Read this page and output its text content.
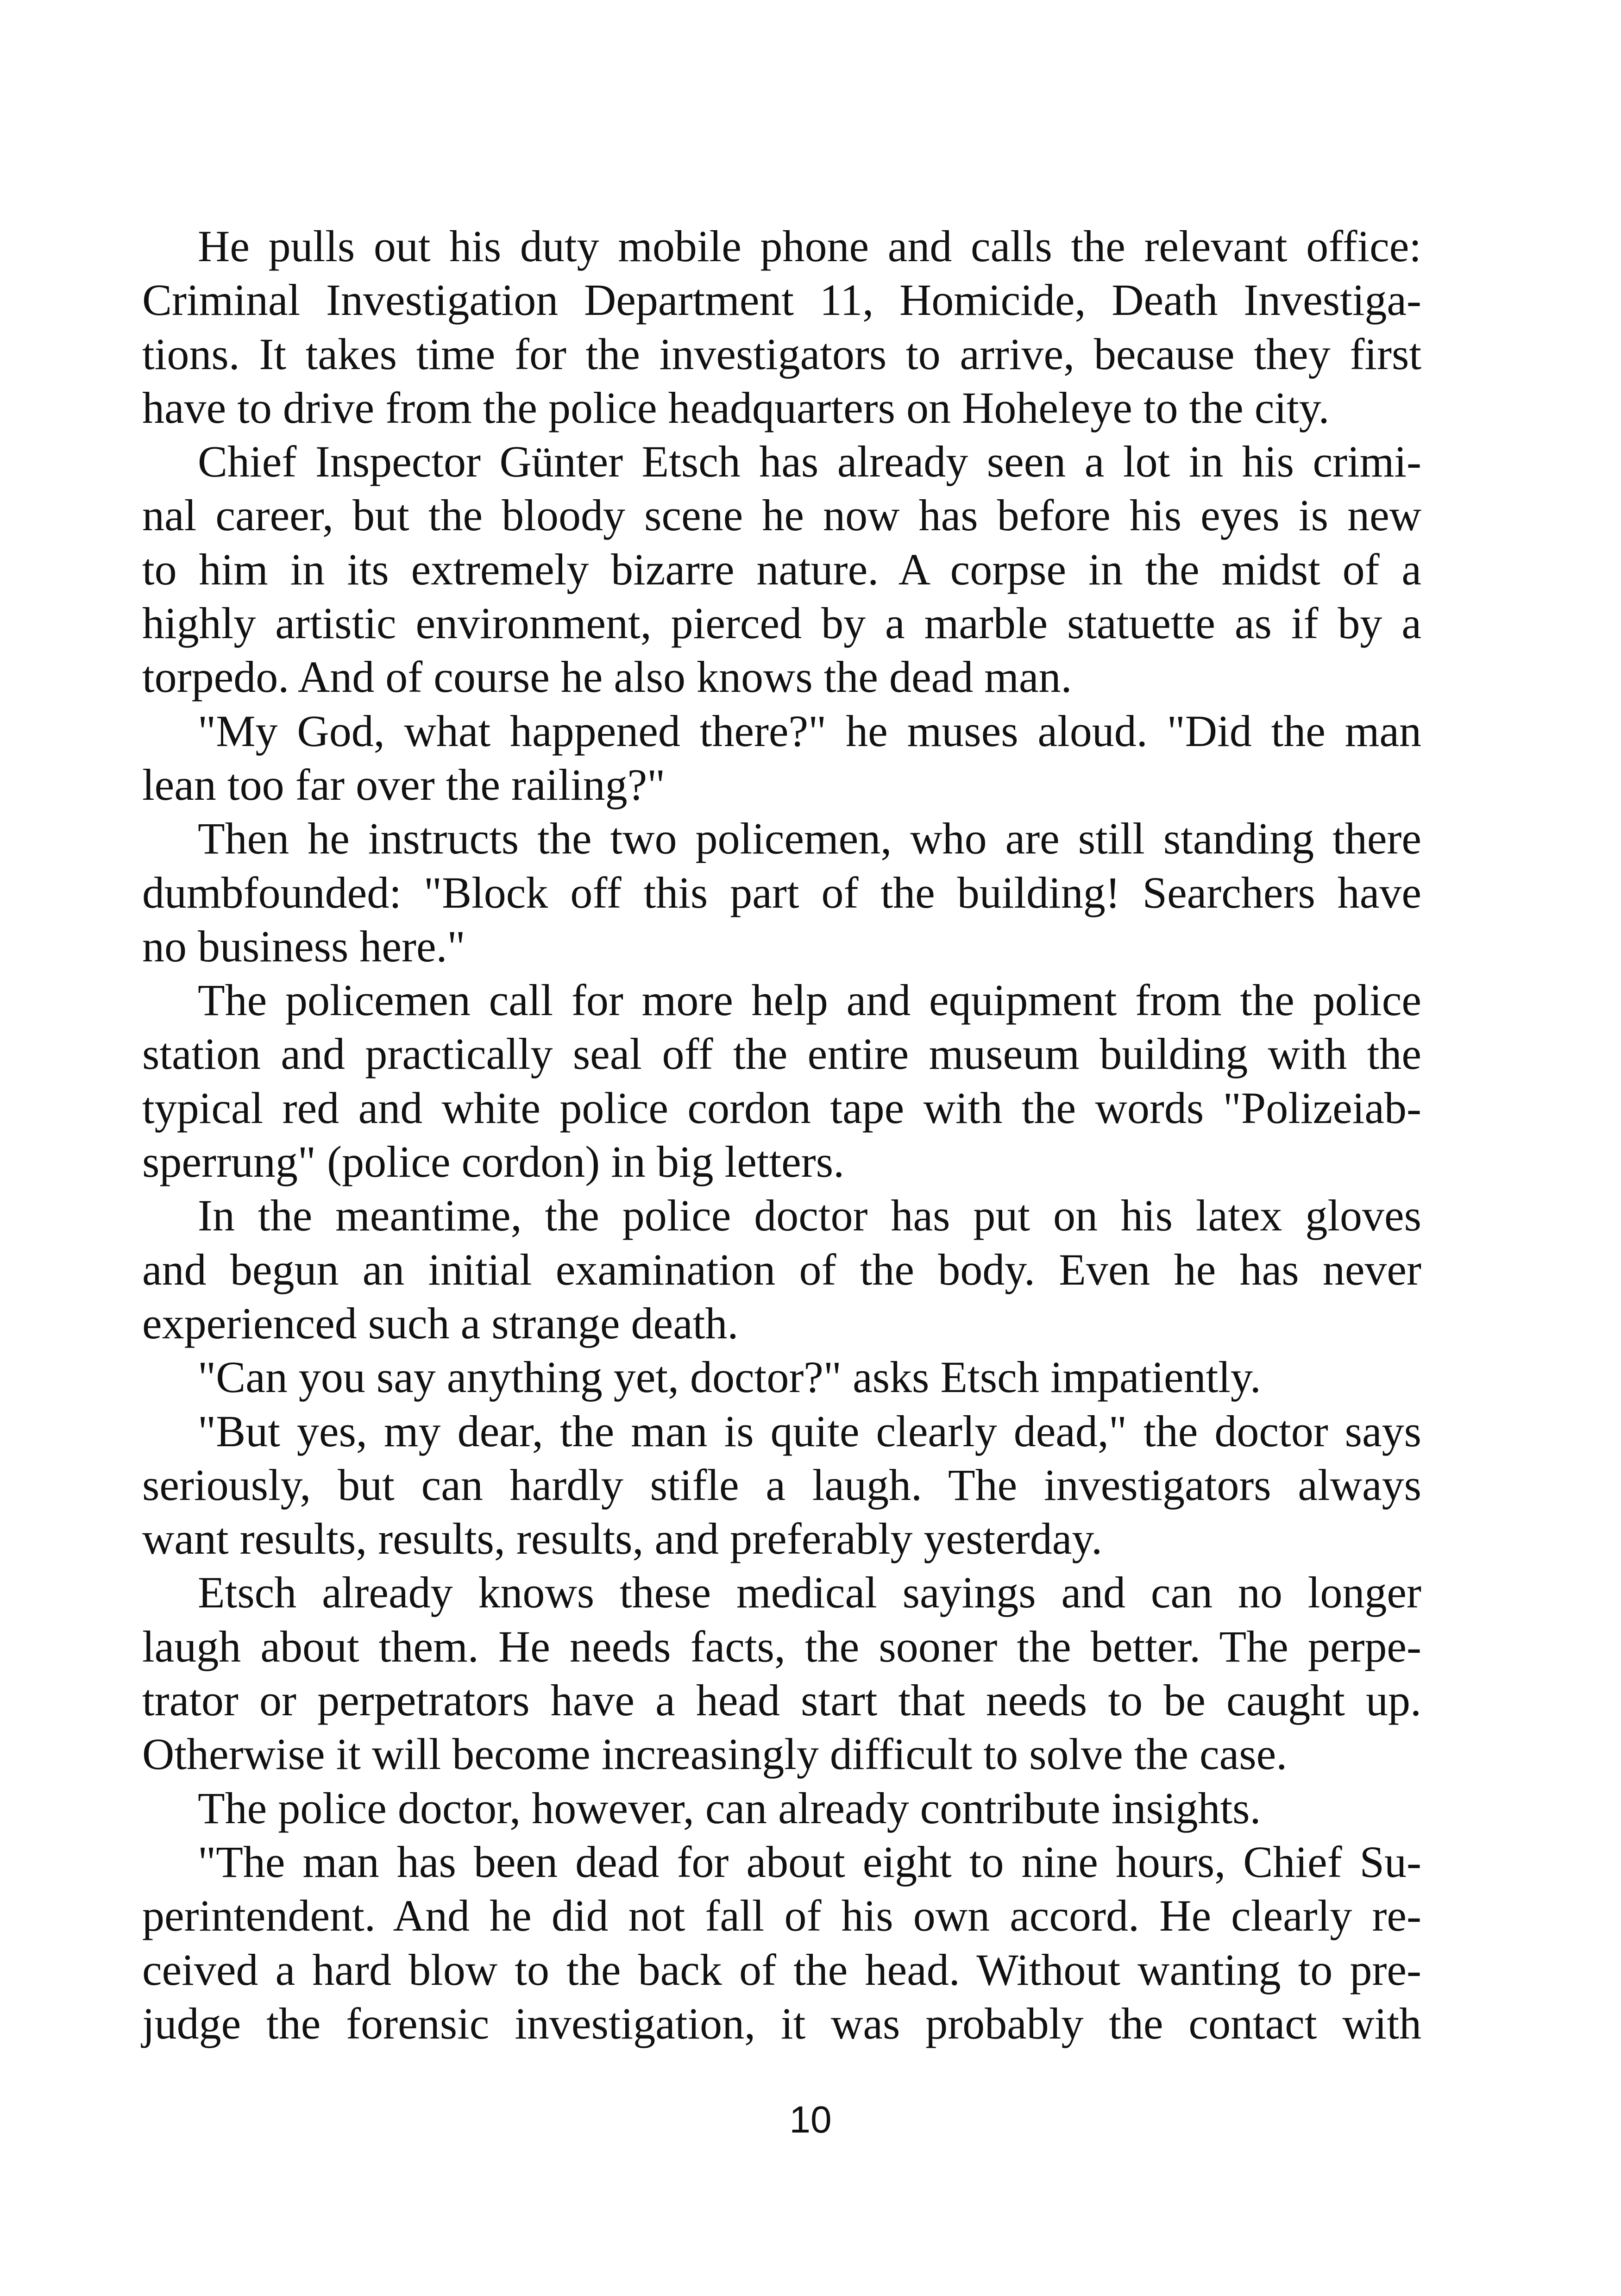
He pulls out his duty mobile phone and calls the relevant office:
Criminal Investigation Department 11, Homicide, Death Investiga-
tions. It takes time for the investigators to arrive, because they first
have to drive from the police headquarters on Hoheleye to the city.
Chief Inspector Günter Etsch has already seen a lot in his crimi-
nal career, but the bloody scene he now has before his eyes is new
to him in its extremely bizarre nature. A corpse in the midst of a
highly artistic environment, pierced by a marble statuette as if by a
torpedo. And of course he also knows the dead man.
"My God, what happened there?" he muses aloud. "Did the man
lean too far over the railing?"
Then he instructs the two policemen, who are still standing there
dumbfounded: "Block off this part of the building! Searchers have
no business here."
The policemen call for more help and equipment from the police
station and practically seal off the entire museum building with the
typical red and white police cordon tape with the words "Polizeiab-
sperrung" (police cordon) in big letters.
In the meantime, the police doctor has put on his latex gloves
and begun an initial examination of the body. Even he has never
experienced such a strange death.
"Can you say anything yet, doctor?" asks Etsch impatiently.
"But yes, my dear, the man is quite clearly dead," the doctor says
seriously, but can hardly stifle a laugh. The investigators always
want results, results, results, and preferably yesterday.
Etsch already knows these medical sayings and can no longer
laugh about them. He needs facts, the sooner the better. The perpe-
trator or perpetrators have a head start that needs to be caught up.
Otherwise it will become increasingly difficult to solve the case.
The police doctor, however, can already contribute insights.
"The man has been dead for about eight to nine hours, Chief Su-
perintendent. And he did not fall of his own accord. He clearly re-
ceived a hard blow to the back of the head. Without wanting to pre-
judge the forensic investigation, it was probably the contact with
10
